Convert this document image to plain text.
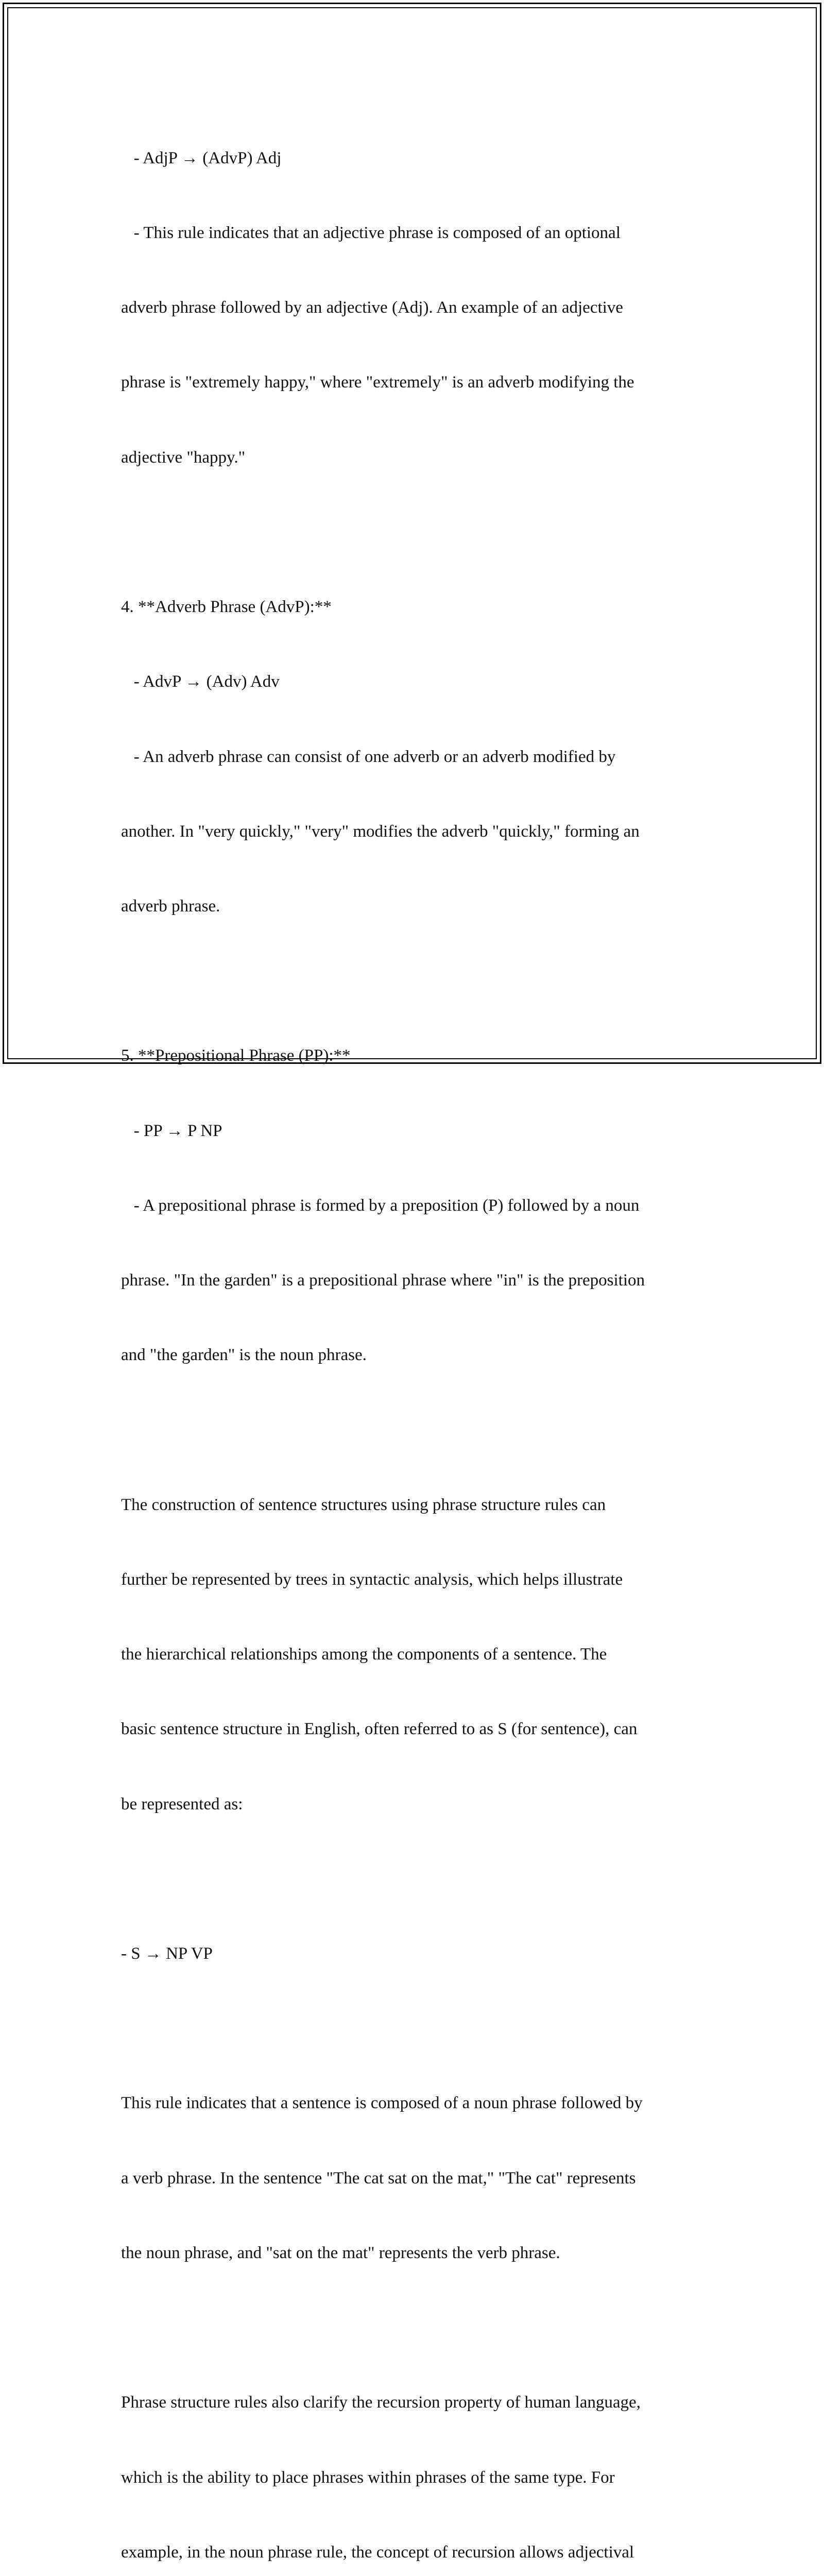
- AdjP → (AdvP) Adj

- This rule indicates that an adjective phrase is composed of an optional

adverb phrase followed by an adjective (Adj). An example of an adjective

phrase is "extremely happy," where "extremely" is an adverb modifying the

adjective "happy."

4. **Adverb Phrase (AdvP):**

- AdvP → (Adv) Adv

- An adverb phrase can consist of one adverb or an adverb modified by

another. In "very quickly," "very" modifies the adverb "quickly," forming an

adverb phrase.

5. **Prepositional Phrase (PP):**

- PP → P NP

- A prepositional phrase is formed by a preposition (P) followed by a noun

phrase. "In the garden" is a prepositional phrase where "in" is the preposition

and "the garden" is the noun phrase.

The construction of sentence structures using phrase structure rules can

further be represented by trees in syntactic analysis, which helps illustrate

the hierarchical relationships among the components of a sentence. The

basic sentence structure in English, often referred to as S (for sentence), can

be represented as:

- S → NP VP

This rule indicates that a sentence is composed of a noun phrase followed by

a verb phrase. In the sentence "The cat sat on the mat," "The cat" represents

the noun phrase, and "sat on the mat" represents the verb phrase.

Phrase structure rules also clarify the recursion property of human language,

which is the ability to place phrases within phrases of the same type. For

example, in the noun phrase rule, the concept of recursion allows adjectival
